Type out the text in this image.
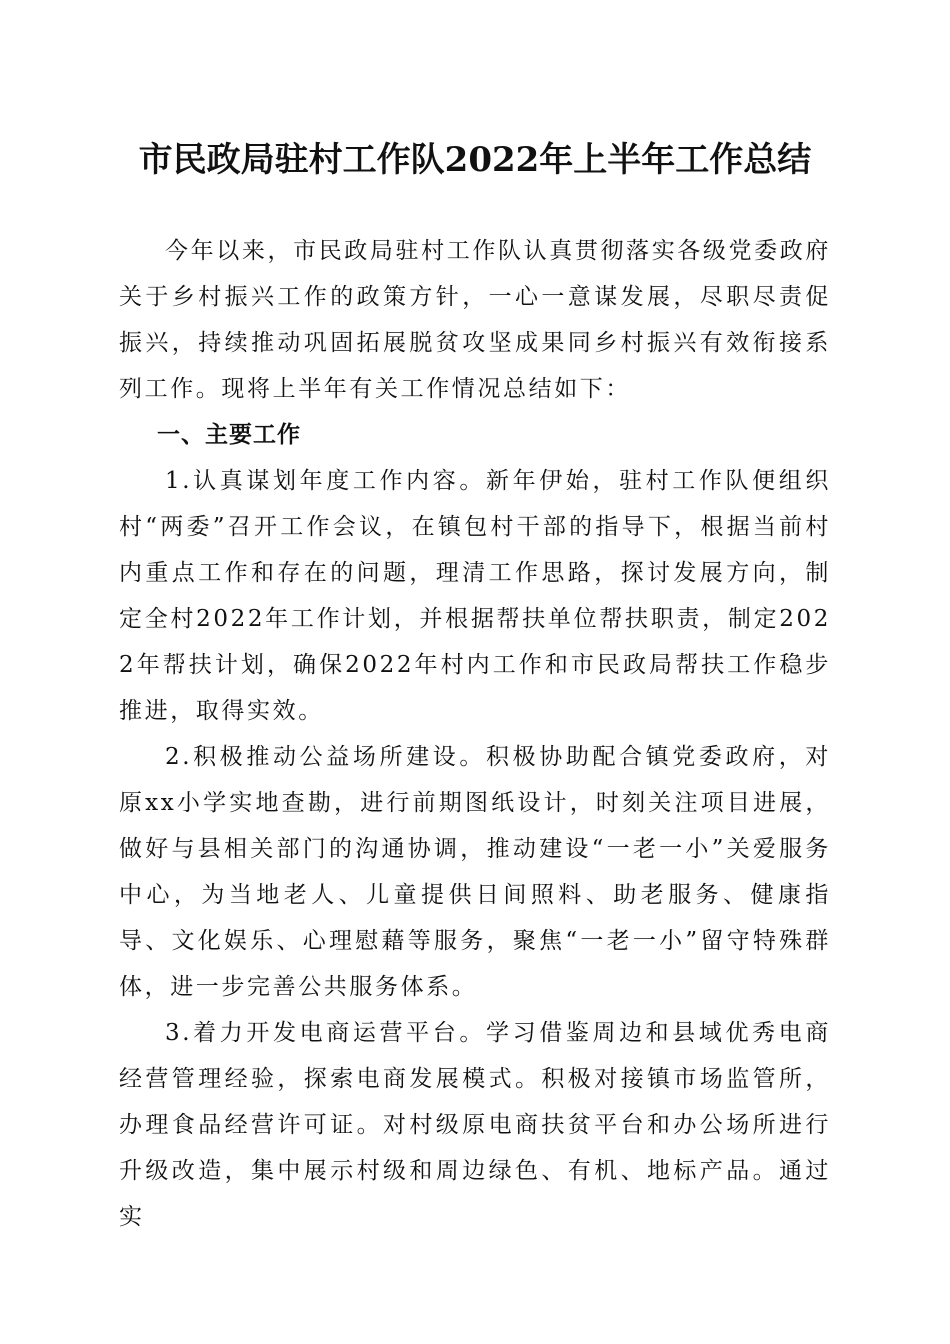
市民政局驻村工作队2022年上半年工作总结

今年以来，市民政局驻村工作队认真贯彻落实各级党委政府关于乡村振兴工作的政策方针，一心一意谋发展，尽职尽责促振兴，持续推动巩固拓展脱贫攻坚成果同乡村振兴有效衔接系列工作。现将上半年有关工作情况总结如下：

一、主要工作

1.认真谋划年度工作内容。新年伊始，驻村工作队便组织村“两委”召开工作会议，在镇包村干部的指导下，根据当前村内重点工作和存在的问题，理清工作思路，探讨发展方向，制定全村2022年工作计划，并根据帮扶单位帮扶职责，制定2022年帮扶计划，确保2022年村内工作和市民政局帮扶工作稳步推进，取得实效。

2.积极推动公益场所建设。积极协助配合镇党委政府，对原xx小学实地查勘，进行前期图纸设计，时刻关注项目进展，做好与县相关部门的沟通协调，推动建设“一老一小”关爱服务中心，为当地老人、儿童提供日间照料、助老服务、健康指导、文化娱乐、心理慰藉等服务，聚焦“一老一小”留守特殊群体，进一步完善公共服务体系。

3.着力开发电商运营平台。学习借鉴周边和县域优秀电商经营管理经验，探索电商发展模式。积极对接镇市场监管所，办理食品经营许可证。对村级原电商扶贫平台和办公场所进行升级改造，集中展示村级和周边绿色、有机、地标产品。通过实
